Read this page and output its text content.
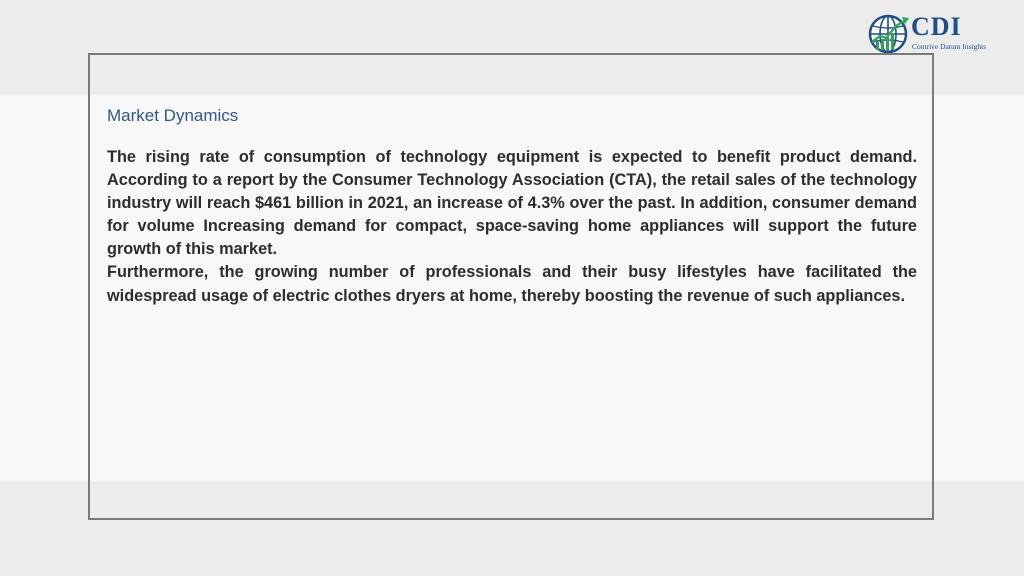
CDI
Contrive Datum Insights
Market Dynamics

The rising rate of consumption of technology equipment is expected to benefit product demand. According to a report by the Consumer Technology Association (CTA), the retail sales of the technology industry will reach $461 billion in 2021, an increase of 4.3% over the past. In addition, consumer demand for volume Increasing demand for compact, space-saving home appliances will support the future growth of this market.

Furthermore, the growing number of professionals and their busy lifestyles have facilitated the widespread usage of electric clothes dryers at home, thereby boosting the revenue of such appliances.
